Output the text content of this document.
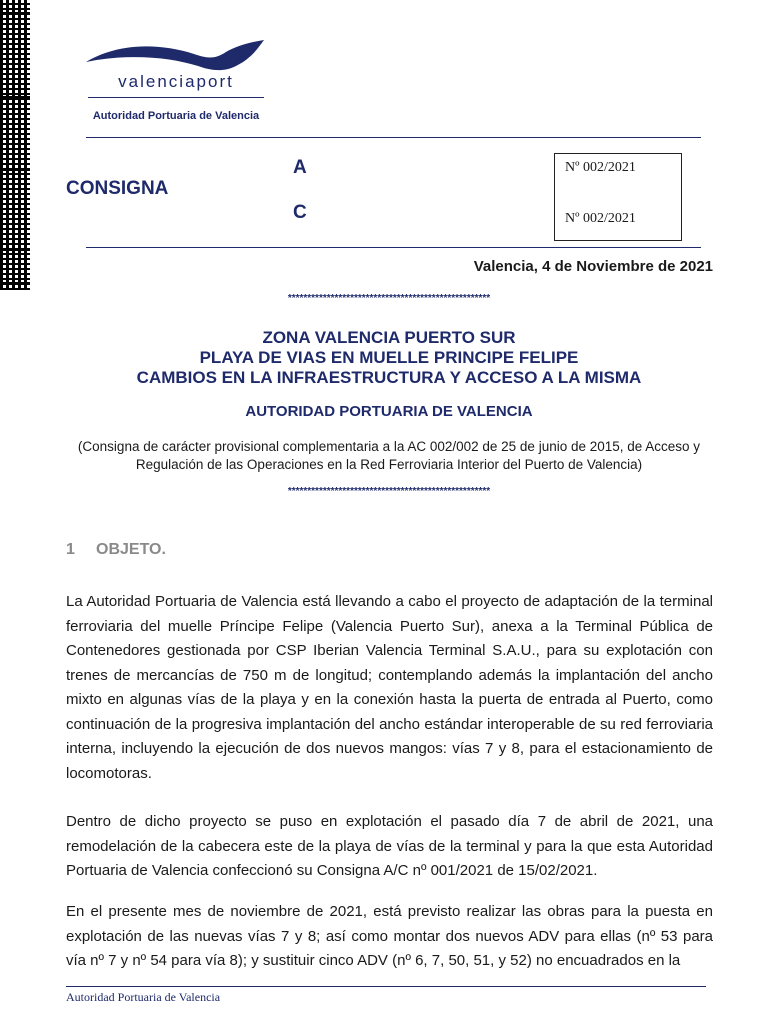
valenciaport
Autoridad Portuaria de Valencia
CONSIGNA
A
C
Nº 002/2021
Nº 002/2021
Valencia, 4 de Noviembre de 2021
****************************************************
ZONA VALENCIA PUERTO SUR
PLAYA DE VIAS EN MUELLE PRINCIPE FELIPE
CAMBIOS EN LA INFRAESTRUCTURA Y ACCESO A LA MISMA
AUTORIDAD PORTUARIA DE VALENCIA
(Consigna de carácter provisional complementaria a la AC 002/002 de 25 de junio de 2015, de Acceso y Regulación de las Operaciones en la Red Ferroviaria Interior del Puerto de Valencia)
****************************************************
1 OBJETO.
La Autoridad Portuaria de Valencia está llevando a cabo el proyecto de adaptación de la terminal ferroviaria del muelle Príncipe Felipe (Valencia Puerto Sur), anexa a la Terminal Pública de Contenedores gestionada por CSP Iberian Valencia Terminal S.A.U., para su explotación con trenes de mercancías de 750 m de longitud; contemplando además la implantación del ancho mixto en algunas vías de la playa y en la conexión hasta la puerta de entrada al Puerto, como continuación de la progresiva implantación del ancho estándar interoperable de su red ferroviaria interna, incluyendo la ejecución de dos nuevos mangos: vías 7 y 8, para el estacionamiento de locomotoras.
Dentro de dicho proyecto se puso en explotación el pasado día 7 de abril de 2021, una remodelación de la cabecera este de la playa de vías de la terminal y para la que esta Autoridad Portuaria de Valencia confeccionó su Consigna A/C nº 001/2021 de 15/02/2021.
En el presente mes de noviembre de 2021, está previsto realizar las obras para la puesta en explotación de las nuevas vías 7 y 8; así como montar dos nuevos ADV para ellas (nº 53 para vía nº 7 y nº 54 para vía 8); y sustituir cinco ADV (nº 6, 7, 50, 51, y 52) no encuadrados en la
Autoridad Portuaria de Valencia
